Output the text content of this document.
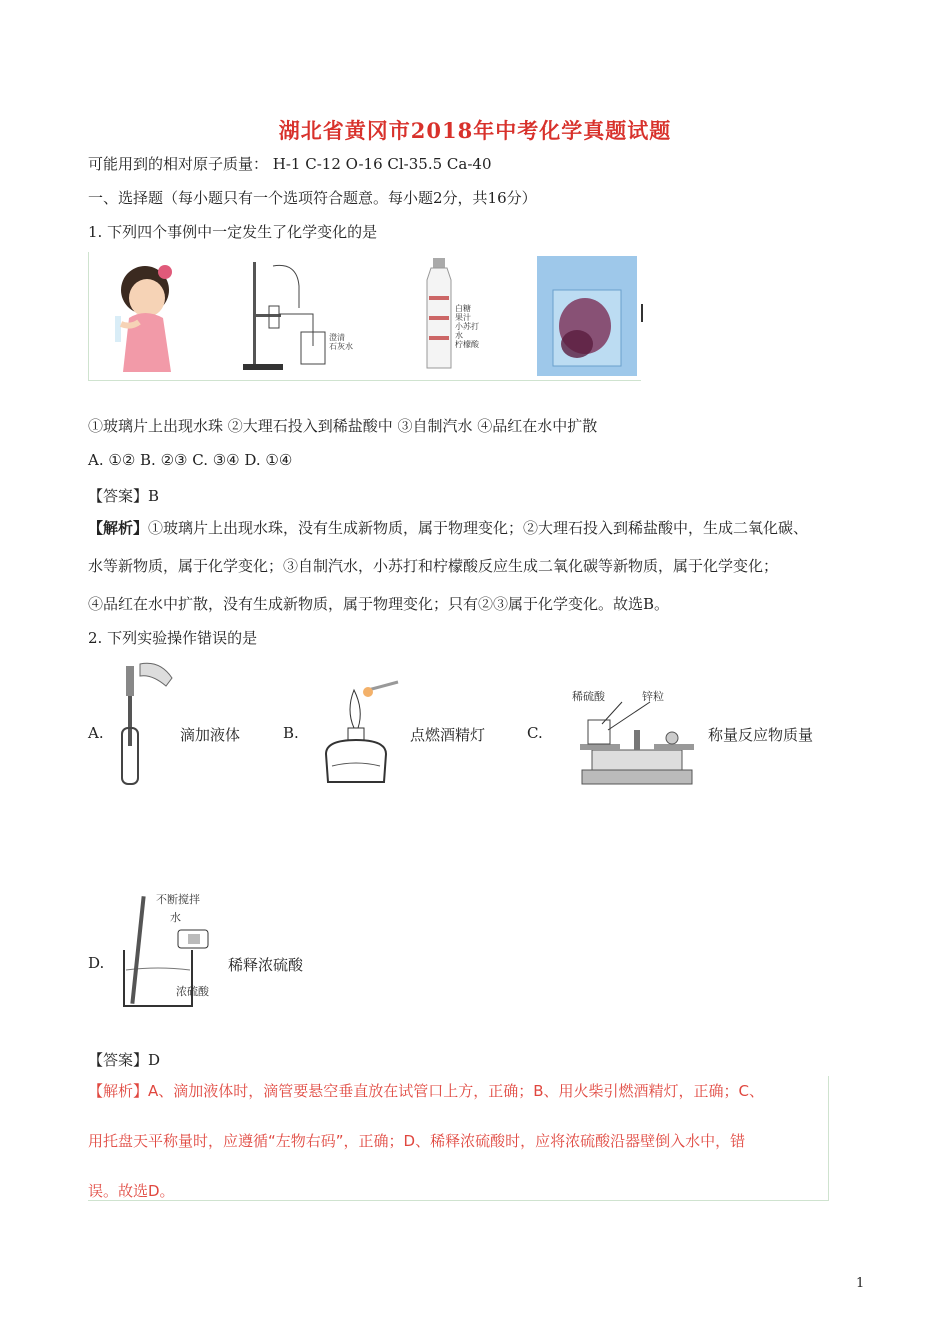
湖北省黄冈市2018年中考化学真题试题
可能用到的相对原子质量： H-1 C-12 O-16 Cl-35.5 Ca-40
一、选择题（每小题只有一个选项符合题意。每小题2分，共16分）
1. 下列四个事例中一定发生了化学变化的是
澄清
石灰水
白糖
果汁
小苏打
水
柠檬酸
①玻璃片上出现水珠 ②大理石投入到稀盐酸中 ③自制汽水 ④品红在水中扩散
A. ①② B. ②③ C. ③④ D. ①④
【答案】B
【解析】①玻璃片上出现水珠，没有生成新物质，属于物理变化；②大理石投入到稀盐酸中，生成二氧化碳、
水等新物质，属于化学变化；③自制汽水，小苏打和柠檬酸反应生成二氧化碳等新物质，属于化学变化；
④品红在水中扩散，没有生成新物质，属于物理变化；只有②③属于化学变化。故选B。
2. 下列实验操作错误的是
A.	滴加液体	B.	点燃酒精灯	C.
稀硫酸	锌粒
称量反应物质量
D.
不断搅拌
水
浓硫酸
稀释浓硫酸
【答案】D
【解析】A、滴加液体时，滴管要悬空垂直放在试管口上方，正确；B、用火柴引燃酒精灯，正确；C、
用托盘天平称量时，应遵循“左物右码”，正确；D、稀释浓硫酸时，应将浓硫酸沿器壁倒入水中，错
误。故选D。
1
